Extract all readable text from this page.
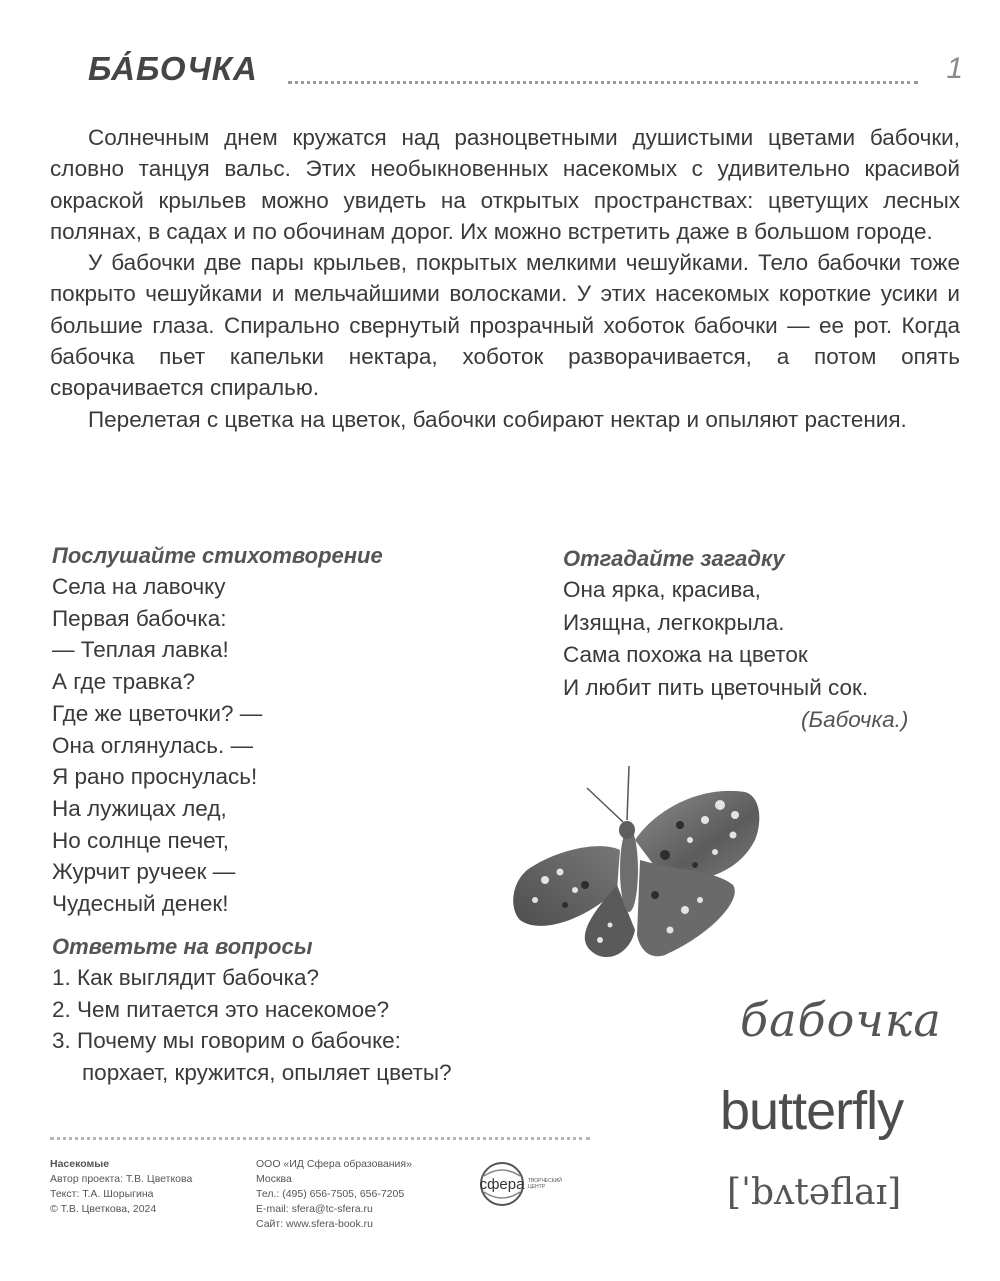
БА́БОЧКА	1

Солнечным днем кружатся над разноцветными душистыми цветами бабочки, словно танцуя вальс. Этих необыкновенных насекомых с удивительно красивой окраской крыльев можно увидеть на открытых пространствах: цветущих лесных полянах, в садах и по обочинам дорог. Их можно встретить даже в большом городе.

У бабочки две пары крыльев, покрытых мелкими чешуйками. Тело бабочки тоже покрыто чешуйками и мельчайшими волосками. У этих насекомых короткие усики и большие глаза. Спирально свернутый прозрачный хоботок бабочки — ее рот. Когда бабочка пьет капельки нектара, хоботок разворачивается, а потом опять сворачивается спиралью.

Перелетая с цветка на цветок, бабочки собирают нектар и опыляют растения.

Послушайте стихотворение
Села на лавочку
Первая бабочка:
— Теплая лавка!
А где травка?
Где же цветочки? —
Она оглянулась. —
Я рано проснулась!
На лужицах лед,
Но солнце печет,
Журчит ручеек —
Чудесный денек!
Отгадайте загадку
Она ярка, красива,
Изящна, легкокрыла.
Сама похожа на цветок
И любит пить цветочный сок.
(Бабочка.)
Ответьте на вопросы
1. Как выглядит бабочка?
2. Чем питается это насекомое?
3. Почему мы говорим о бабочке:
порхает, кружится, опыляет цветы?
бабочка
butterfly
[ˈbʌtəflaɪ]
Насекомые
Автор проекта: Т.В. Цветкова
Текст: Т.А. Шорыгина
© Т.В. Цветкова, 2024
ООО «ИД Сфера образования»
Москва
Тел.: (495) 656-7505, 656-7205
E-mail: sfera@tc-sfera.ru
Сайт: www.sfera-book.ru
сфера ТВОРЧЕСКИЙ
ЦЕНТР
